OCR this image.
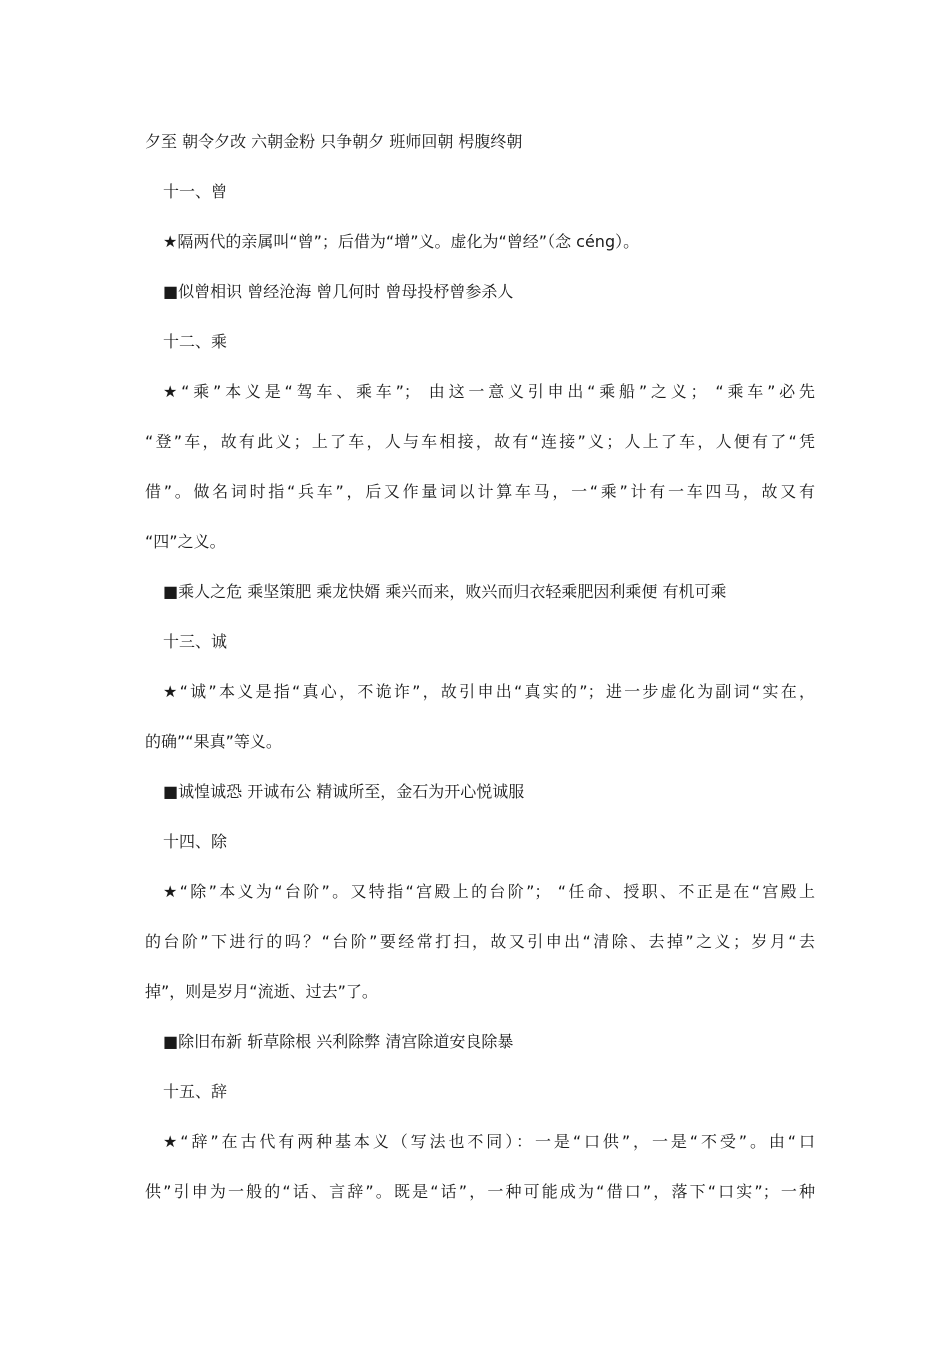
夕至 朝令夕改 六朝金粉 只争朝夕 班师回朝 枵腹终朝
十一、曾
★隔两代的亲属叫“曾”；后借为“增”义。虚化为“曾经”（念 céng）。
■似曾相识 曾经沧海 曾几何时 曾母投杼曾参杀人
十二、乘
★“乘”本义是“驾车、乘车”； 由这一意义引申出“乘船”之义； “乘车”必先
“登”车，故有此义；上了车，人与车相接，故有“连接”义；人上了车，人便有了“凭
借”。做名词时指“兵车”，后又作量词以计算车马，一“乘”计有一车四马，故又有
“四”之义。
■乘人之危 乘坚策肥 乘龙快婿 乘兴而来，败兴而归衣轻乘肥因利乘便 有机可乘
十三、诚
★“诚”本义是指“真心，不诡诈”，故引申出“真实的”；进一步虚化为副词“实在，
的确”“果真”等义。
■诚惶诚恐 开诚布公 精诚所至，金石为开心悦诚服
十四、除
★“除”本义为“台阶”。又特指“宫殿上的台阶”； “任命、授职、不正是在“宫殿上
的台阶”下进行的吗？“台阶”要经常打扫，故又引申出“清除、去掉”之义；岁月“去
掉”，则是岁月“流逝、过去”了。
■除旧布新 斩草除根 兴利除弊 清宫除道安良除暴
十五、辞
★“辞”在古代有两种基本义（写法也不同）：一是“口供”，一是“不受”。由“口
供”引申为一般的“话、言辞”。既是“话”，一种可能成为“借口”，落下“口实”；一种
